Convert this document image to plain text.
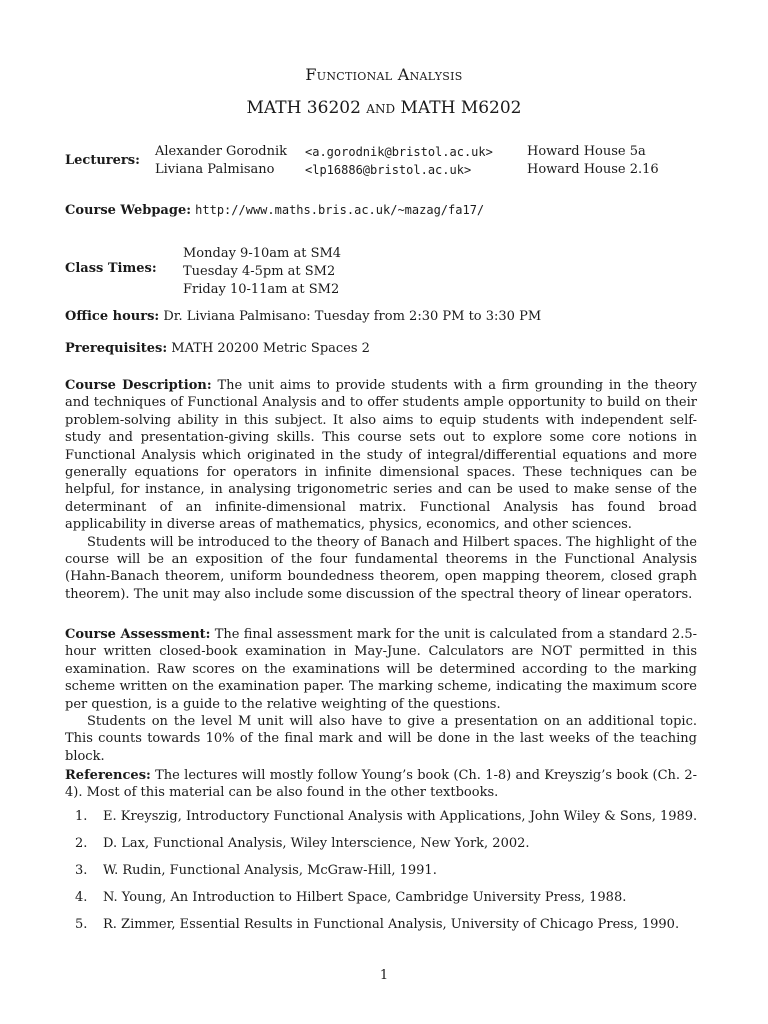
Functional Analysis
MATH 36202 and MATH M6202
Lecturers:
Alexander Gorodnik <a.gorodnik@bristol.ac.uk>	Howard House 5a
Liviana Palmisano	<lp16886@bristol.ac.uk>	Howard House 2.16
Course Webpage: http://www.maths.bris.ac.uk/~mazag/fa17/
Class Times:
Monday 9-10am at SM4
Tuesday 4-5pm at SM2
Friday 10-11am at SM2
Office hours: Dr. Liviana Palmisano: Tuesday from 2:30 PM to 3:30 PM
Prerequisites: MATH 20200 Metric Spaces 2
Course Description: The unit aims to provide students with a firm grounding in the theory and techniques of Functional Analysis and to offer students ample opportunity to build on their problem-solving ability in this subject. It also aims to equip students with independent self-study and presentation-giving skills. This course sets out to explore some core notions in Functional Analysis which originated in the study of integral/differential equations and more generally equations for operators in infinite dimensional spaces. These techniques can be helpful, for instance, in analysing trigonometric series and can be used to make sense of the determinant of an infinite-dimensional matrix. Functional Analysis has found broad applicability in diverse areas of mathematics, physics, economics, and other sciences.
Students will be introduced to the theory of Banach and Hilbert spaces. The highlight of the course will be an exposition of the four fundamental theorems in the Functional Analysis (Hahn-Banach theorem, uniform boundedness theorem, open mapping theorem, closed graph theorem). The unit may also include some discussion of the spectral theory of linear operators.
Course Assessment: The final assessment mark for the unit is calculated from a standard 2.5-hour written closed-book examination in May-June. Calculators are NOT permitted in this examination. Raw scores on the examinations will be determined according to the marking scheme written on the examination paper. The marking scheme, indicating the maximum score per question, is a guide to the relative weighting of the questions.
Students on the level M unit will also have to give a presentation on an additional topic. This counts towards 10% of the final mark and will be done in the last weeks of the teaching block.
References: The lectures will mostly follow Young’s book (Ch. 1-8) and Kreyszig’s book (Ch. 2-4). Most of this material can be also found in the other textbooks.
1. E. Kreyszig, Introductory Functional Analysis with Applications, John Wiley & Sons, 1989.
2. D. Lax, Functional Analysis, Wiley lnterscience, New York, 2002.
3. W. Rudin, Functional Analysis, McGraw-Hill, 1991.
4. N. Young, An Introduction to Hilbert Space, Cambridge University Press, 1988.
5. R. Zimmer, Essential Results in Functional Analysis, University of Chicago Press, 1990.
1
